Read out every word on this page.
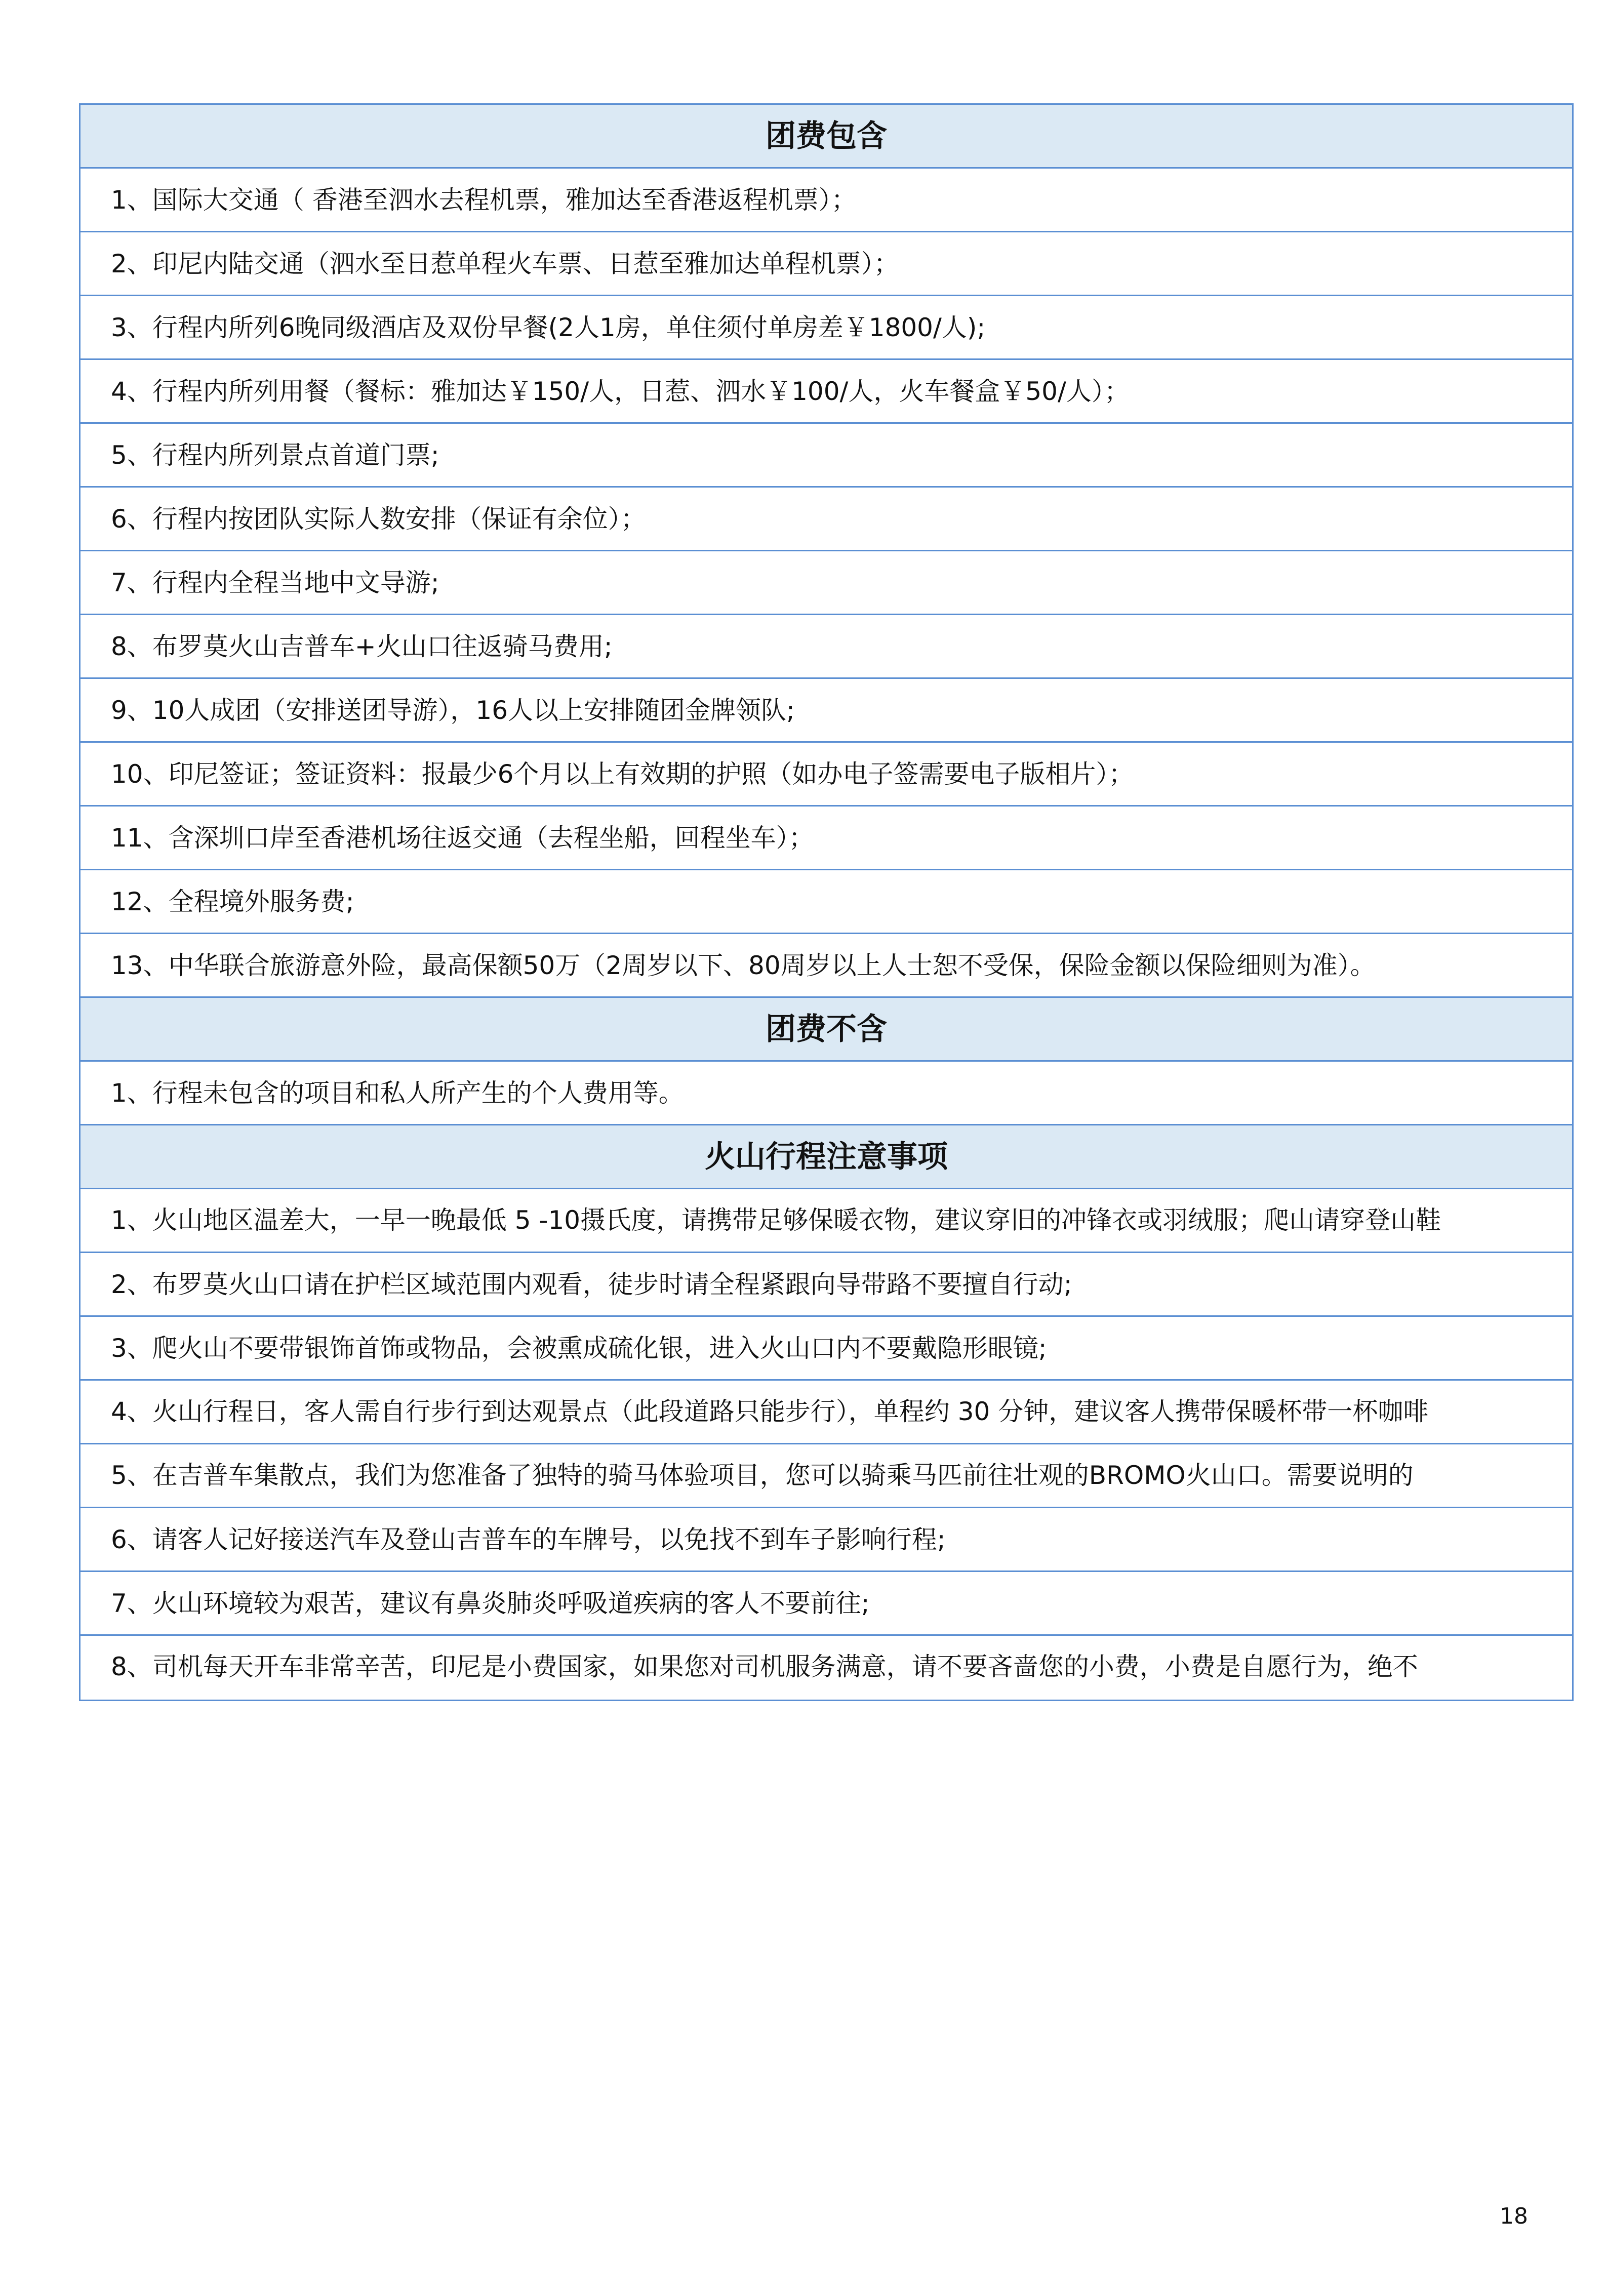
团费包含
1、国际大交通（ 香港至泗水去程机票，雅加达至香港返程机票）；
2、印尼内陆交通（泗水至日惹单程火车票、日惹至雅加达单程机票）；
3、行程内所列6晚同级酒店及双份早餐(2人1房，单住须付单房差￥1800/人);
4、行程内所列用餐（餐标：雅加达￥150/人，日惹、泗水￥100/人，火车餐盒￥50/人）；
5、行程内所列景点首道门票;
6、行程内按团队实际人数安排（保证有余位）；
7、行程内全程当地中文导游;
8、布罗莫火山吉普车+火山口往返骑马费用;
9、10人成团（安排送团导游），16人以上安排随团金牌领队;
10、印尼签证；签证资料：报最少6个月以上有效期的护照（如办电子签需要电子版相片）；
11、含深圳口岸至香港机场往返交通（去程坐船，回程坐车）；
12、全程境外服务费;
13、中华联合旅游意外险，最高保额50万（2周岁以下、80周岁以上人士恕不受保，保险金额以保险细则为准）。
团费不含
1、行程未包含的项目和私人所产生的个人费用等。
火山行程注意事项
1、火山地区温差大，一早一晚最低 5 -10摄氏度，请携带足够保暖衣物，建议穿旧的冲锋衣或羽绒服；爬山请穿登山鞋
2、布罗莫火山口请在护栏区域范围内观看，徒步时请全程紧跟向导带路不要擅自行动;
3、爬火山不要带银饰首饰或物品，会被熏成硫化银，进入火山口内不要戴隐形眼镜;
4、火山行程日，客人需自行步行到达观景点（此段道路只能步行），单程约 30 分钟，建议客人携带保暖杯带一杯咖啡
5、在吉普车集散点，我们为您准备了独特的骑马体验项目，您可以骑乘马匹前往壮观的BROMO火山口。需要说明的
6、请客人记好接送汽车及登山吉普车的车牌号，以免找不到车子影响行程;
7、火山环境较为艰苦，建议有鼻炎肺炎呼吸道疾病的客人不要前往;
8、司机每天开车非常辛苦，印尼是小费国家，如果您对司机服务满意，请不要吝啬您的小费，小费是自愿行为，绝不
18
